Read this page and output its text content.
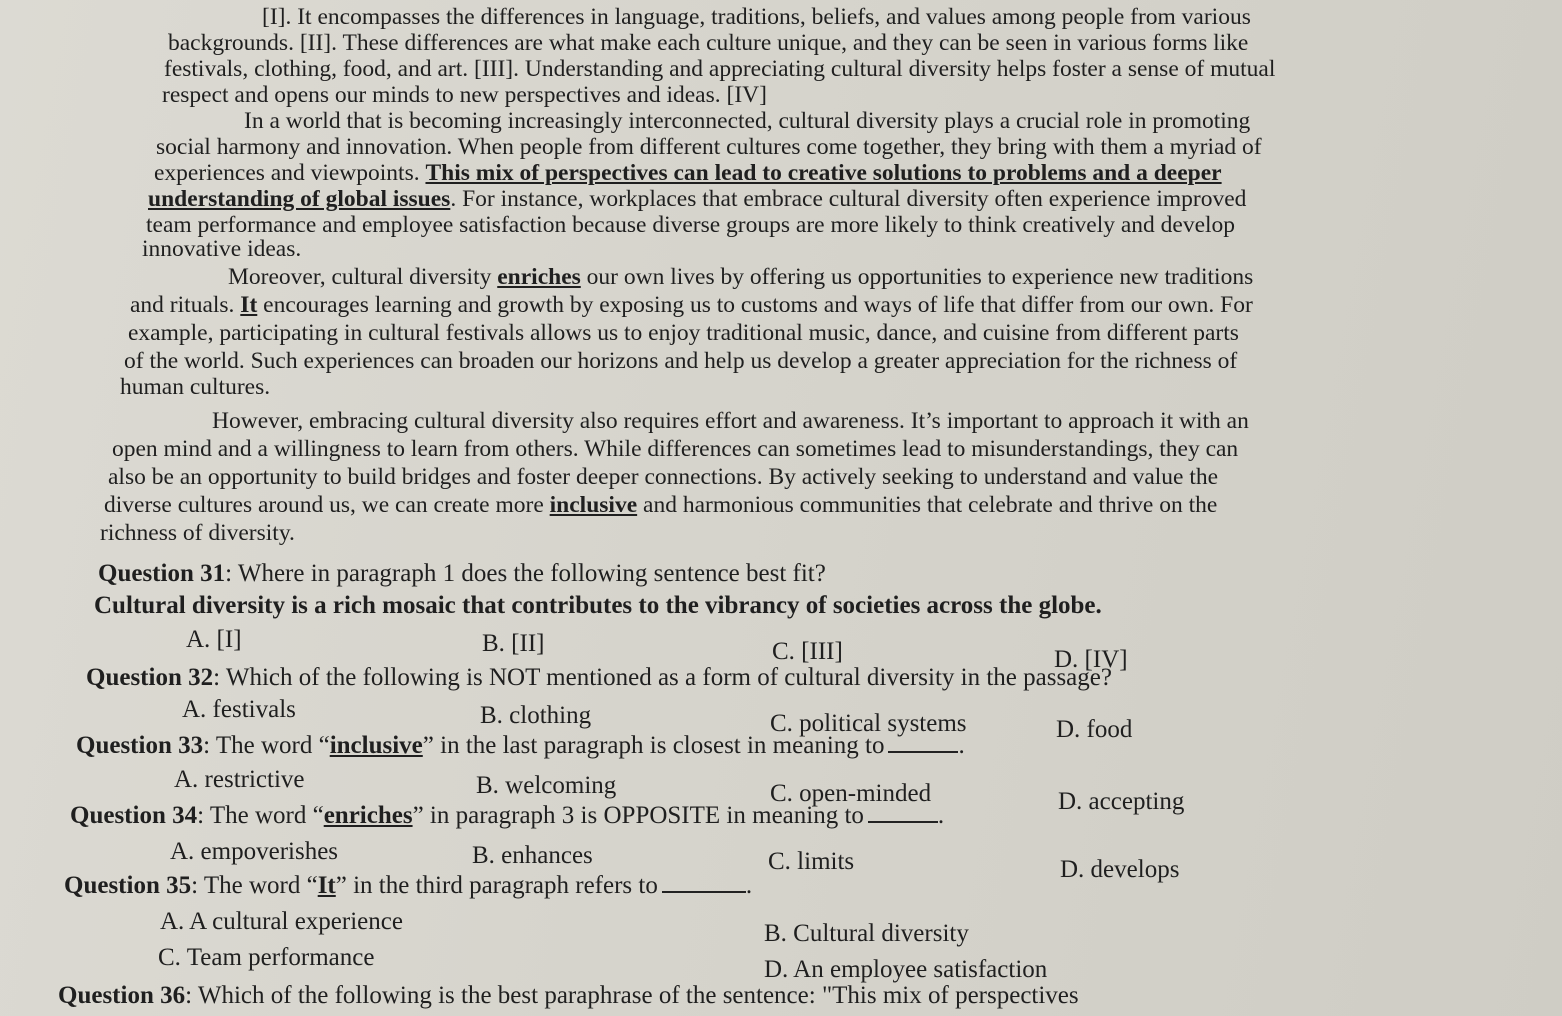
[I]. It encompasses the differences in language, traditions, beliefs, and values among people from various
backgrounds. [II]. These differences are what make each culture unique, and they can be seen in various forms like
festivals, clothing, food, and art. [III]. Understanding and appreciating cultural diversity helps foster a sense of mutual
respect and opens our minds to new perspectives and ideas. [IV]
In a world that is becoming increasingly interconnected, cultural diversity plays a crucial role in promoting
social harmony and innovation. When people from different cultures come together, they bring with them a myriad of
experiences and viewpoints. This mix of perspectives can lead to creative solutions to problems and a deeper
understanding of global issues. For instance, workplaces that embrace cultural diversity often experience improved
team performance and employee satisfaction because diverse groups are more likely to think creatively and develop
innovative ideas.
Moreover, cultural diversity enriches our own lives by offering us opportunities to experience new traditions
and rituals. It encourages learning and growth by exposing us to customs and ways of life that differ from our own. For
example, participating in cultural festivals allows us to enjoy traditional music, dance, and cuisine from different parts
of the world. Such experiences can broaden our horizons and help us develop a greater appreciation for the richness of
human cultures.
However, embracing cultural diversity also requires effort and awareness. It’s important to approach it with an
open mind and a willingness to learn from others. While differences can sometimes lead to misunderstandings, they can
also be an opportunity to build bridges and foster deeper connections. By actively seeking to understand and value the
diverse cultures around us, we can create more inclusive and harmonious communities that celebrate and thrive on the
richness of diversity.
Question 31: Where in paragraph 1 does the following sentence best fit?
Cultural diversity is a rich mosaic that contributes to the vibrancy of societies across the globe.
A. [I]	B. [II]	C. [III]	D. [IV]
Question 32: Which of the following is NOT mentioned as a form of cultural diversity in the passage?
A. festivals	B. clothing	C. political systems	D. food
Question 33: The word “inclusive” in the last paragraph is closest in meaning to	.
A. restrictive	B. welcoming	C. open-minded	D. accepting
Question 34: The word “enriches” in paragraph 3 is OPPOSITE in meaning to	.
A. empoverishes	B. enhances	C. limits	D. develops
Question 35: The word “It” in the third paragraph refers to	.
A. A cultural experience	B. Cultural diversity
C. Team performance	D. An employee satisfaction
Question 36: Which of the following is the best paraphrase of the sentence: "This mix of perspectives
